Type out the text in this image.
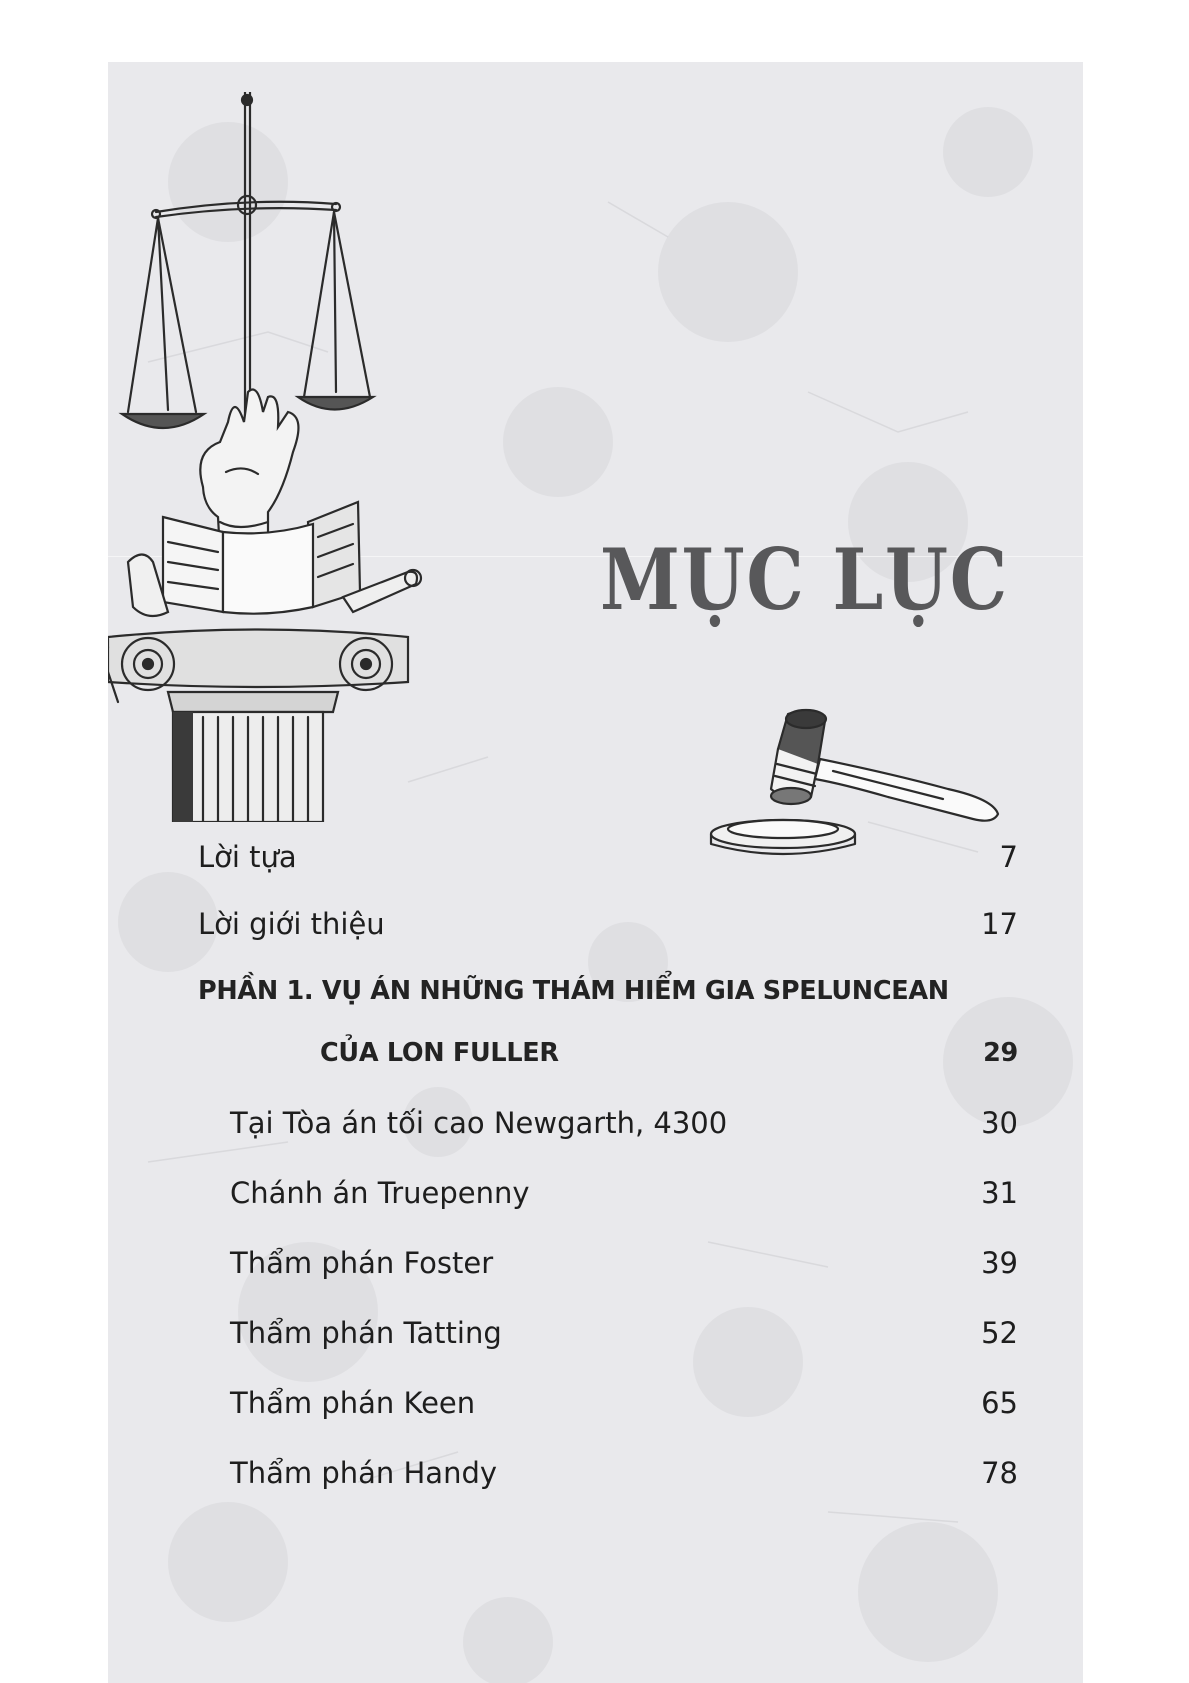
MỤC LỤC
Lời tựa	7
Lời giới thiệu	17
PHẦN 1. VỤ ÁN NHỮNG THÁM HIỂM GIA SPELUNCEAN
CỦA LON FULLER	29
Tại Tòa án tối cao Newgarth, 4300	30
Chánh án Truepenny	31
Thẩm phán Foster	39
Thẩm phán Tatting	52
Thẩm phán Keen	65
Thẩm phán Handy	78
